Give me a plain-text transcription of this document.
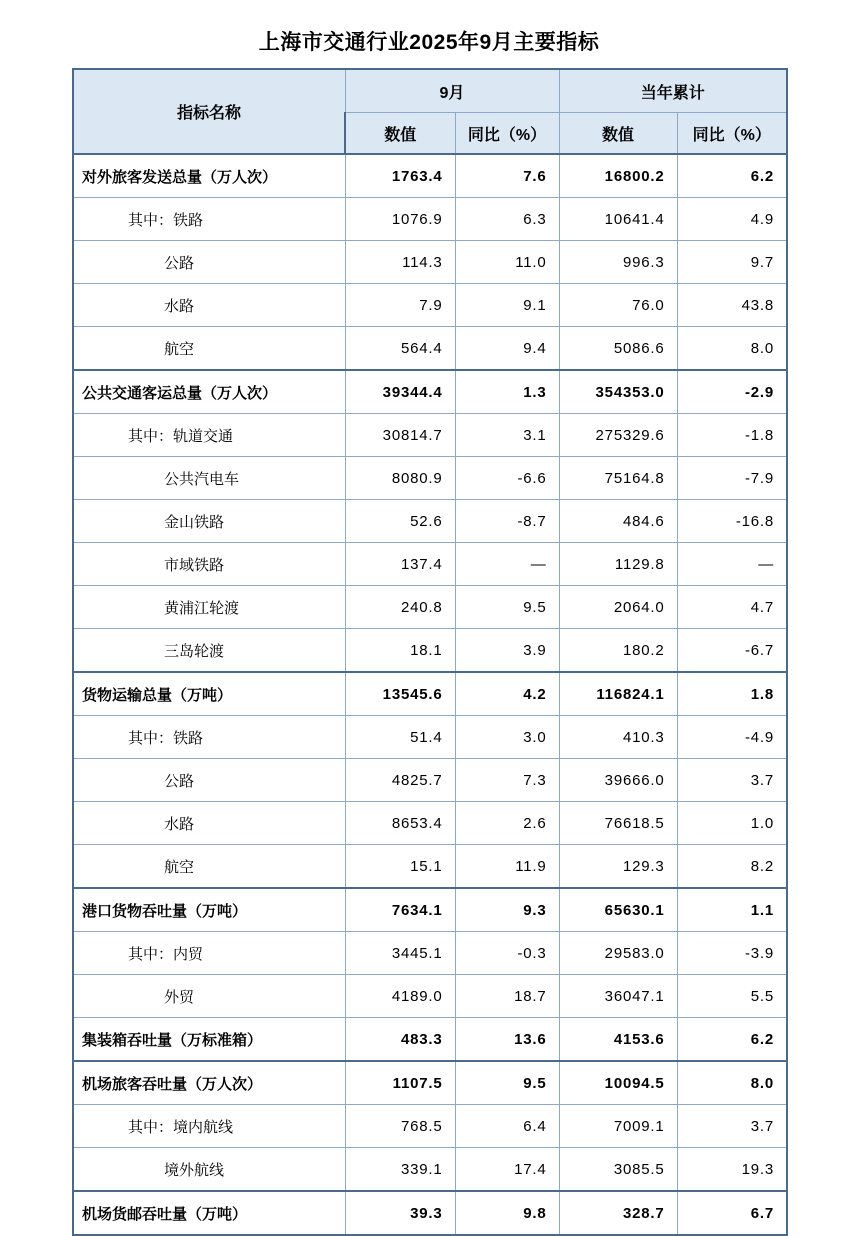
上海市交通行业2025年9月主要指标
指标名称	9月		当年累计	
	数值	同比（%）	数值	同比（%）
对外旅客发送总量（万人次）	1763.4	7.6	16800.2	6.2
其中：铁路	1076.9	6.3	10641.4	4.9
公路	114.3	11.0	996.3	9.7
水路	7.9	9.1	76.0	43.8
航空	564.4	9.4	5086.6	8.0
公共交通客运总量（万人次）	39344.4	1.3	354353.0	-2.9
其中：轨道交通	30814.7	3.1	275329.6	-1.8
公共汽电车	8080.9	-6.6	75164.8	-7.9
金山铁路	52.6	-8.7	484.6	-16.8
市域铁路	137.4	—	1129.8	—
黄浦江轮渡	240.8	9.5	2064.0	4.7
三岛轮渡	18.1	3.9	180.2	-6.7
货物运输总量（万吨）	13545.6	4.2	116824.1	1.8
其中：铁路	51.4	3.0	410.3	-4.9
公路	4825.7	7.3	39666.0	3.7
水路	8653.4	2.6	76618.5	1.0
航空	15.1	11.9	129.3	8.2
港口货物吞吐量（万吨）	7634.1	9.3	65630.1	1.1
其中：内贸	3445.1	-0.3	29583.0	-3.9
外贸	4189.0	18.7	36047.1	5.5
集装箱吞吐量（万标准箱）	483.3	13.6	4153.6	6.2
机场旅客吞吐量（万人次）	1107.5	9.5	10094.5	8.0
其中：境内航线	768.5	6.4	7009.1	3.7
境外航线	339.1	17.4	3085.5	19.3
机场货邮吞吐量（万吨）	39.3	9.8	328.7	6.7
